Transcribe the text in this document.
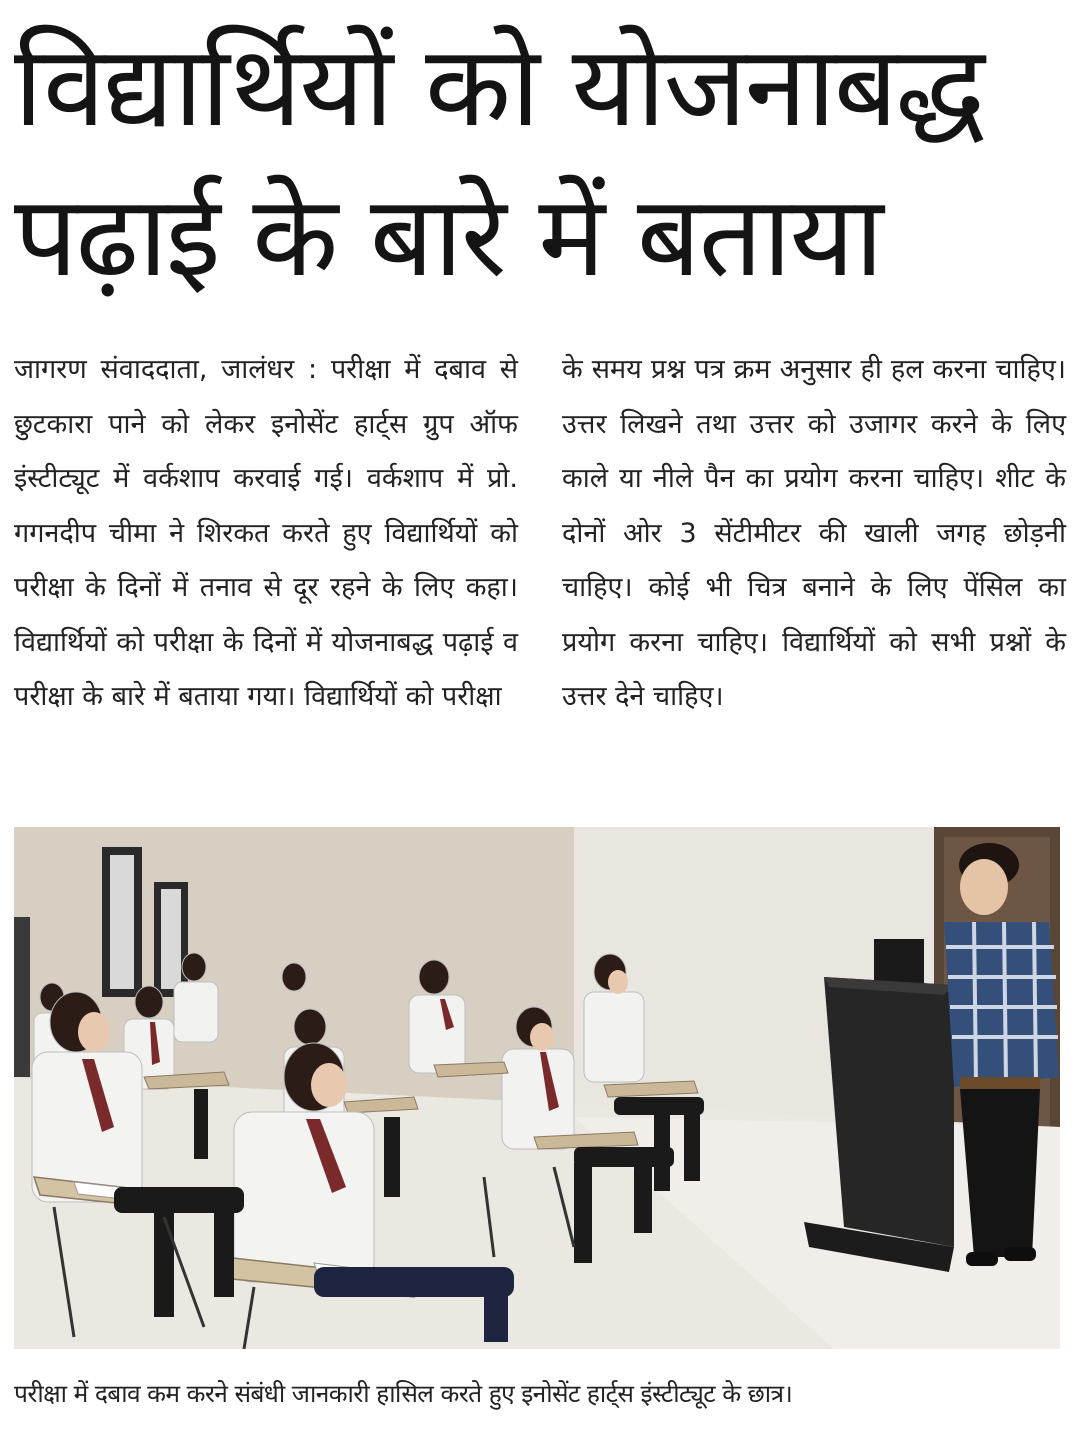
विद्यार्थियों को योजनाबद्ध
पढ़ाई के बारे में बताया
जागरण संवाददाता, जालंधर : परीक्षा में दबाव से छुटकारा पाने को लेकर इनोसेंट हार्ट्स ग्रुप ऑफ इंस्टीट्यूट में वर्कशाप करवाई गई। वर्कशाप में प्रो. गगनदीप चीमा ने शिरकत करते हुए विद्यार्थियों को परीक्षा के दिनों में तनाव से दूर रहने के लिए कहा। विद्यार्थियों को परीक्षा के दिनों में योजनाबद्ध पढ़ाई व परीक्षा के बारे में बताया गया। विद्यार्थियों को परीक्षा
के समय प्रश्न पत्र क्रम अनुसार ही हल करना चाहिए। उत्तर लिखने तथा उत्तर को उजागर करने के लिए काले या नीले पैन का प्रयोग करना चाहिए। शीट के दोनों ओर 3 सेंटीमीटर की खाली जगह छोड़नी चाहिए। कोई भी चित्र बनाने के लिए पेंसिल का प्रयोग करना चाहिए। विद्यार्थियों को सभी प्रश्नों के उत्तर देने चाहिए।
परीक्षा में दबाव कम करने संबंधी जानकारी हासिल करते हुए इनोसेंट हार्ट्स इंस्टीट्यूट के छात्र।
